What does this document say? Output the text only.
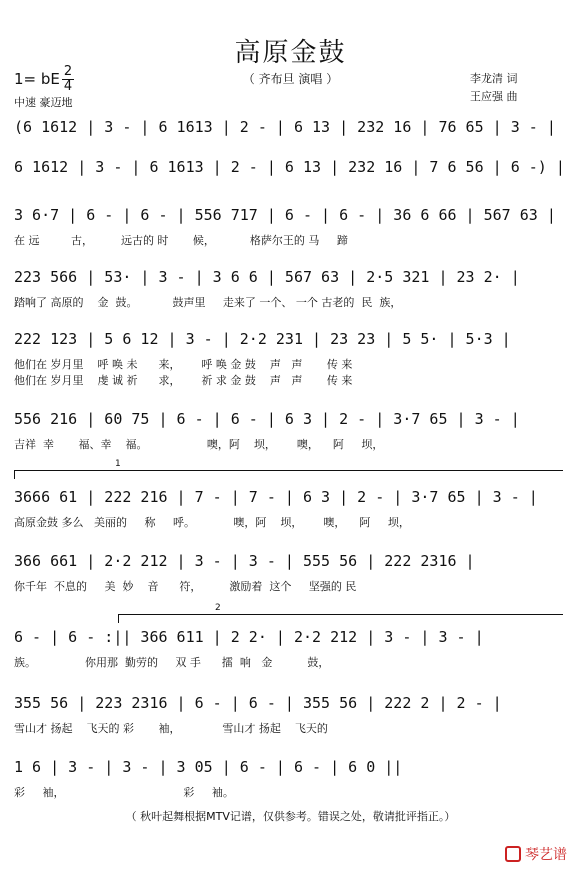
高原金鼓
（ 齐布旦 演唱 ）
1= bE 2
4
中速 豪迈地
李龙清 词
王应强 曲
(6 1612 | 3 - | 6 1613 | 2 - | 6 13 | 232 16 | 76 65 | 3 - |
6 1612 | 3 - | 6 1613 | 2 - | 6 13 | 232 16 | 7 6 56 | 6 -) |
3 6·7 | 6 - | 6 - | 556 717 | 6 - | 6 - | 36 6 66 | 567 63 |
在 远         古，        远古的 时       候，          格萨尔王的 马     蹄
223 566 | 53· | 3 - | 3 6 6 | 567 63 | 2·5 321 | 23 2· |
踏响了 高原的    金  鼓。          鼓声里     走来了 一个、 一个 古老的  民  族，
222 123 | 5 6 12 | 3 - | 2·2 231 | 23 23 | 5 5· | 5·3 |
他们在 岁月里    呼 唤 未      来，      呼 唤 金 鼓    声   声       传 来
他们在 岁月里    虔 诚 祈      求，      祈 求 金 鼓    声   声       传 来
556 216 | 60 75 | 6 - | 6 - | 6 3 | 2 - | 3·7 65 | 3 - |
吉祥  幸       福、幸    福。                 噢，阿    坝，      噢，    阿     坝，
1
3666 61 | 222 216 | 7 - | 7 - | 6 3 | 2 - | 3·7 65 | 3 - |
高原金鼓 多么   美丽的     称     呼。           噢，阿    坝，      噢，    阿     坝，
366 661 | 2·2 212 | 3 - | 3 - | 555 56 | 222 2316 |
你千年  不息的     美  妙    音      符，        激励着  这个     坚强的 民
2
6 - | 6 - :|| 366 611 | 2 2· | 2·2 212 | 3 - | 3 - |
族。              你用那  勤劳的     双 手      擂  响   金          鼓，
355 56 | 223 2316 | 6 - | 6 - | 355 56 | 222 2 | 2 - |
雪山才 扬起    飞天的 彩       袖，            雪山才 扬起    飞天的
1 6 | 3 - | 3 - | 3 05 | 6 - | 6 - | 6 0 ||
彩     袖，                                  彩     袖。
（ 秋叶起舞根据MTV记谱，仅供参考。错误之处，敬请批评指正。）
琴艺谱
